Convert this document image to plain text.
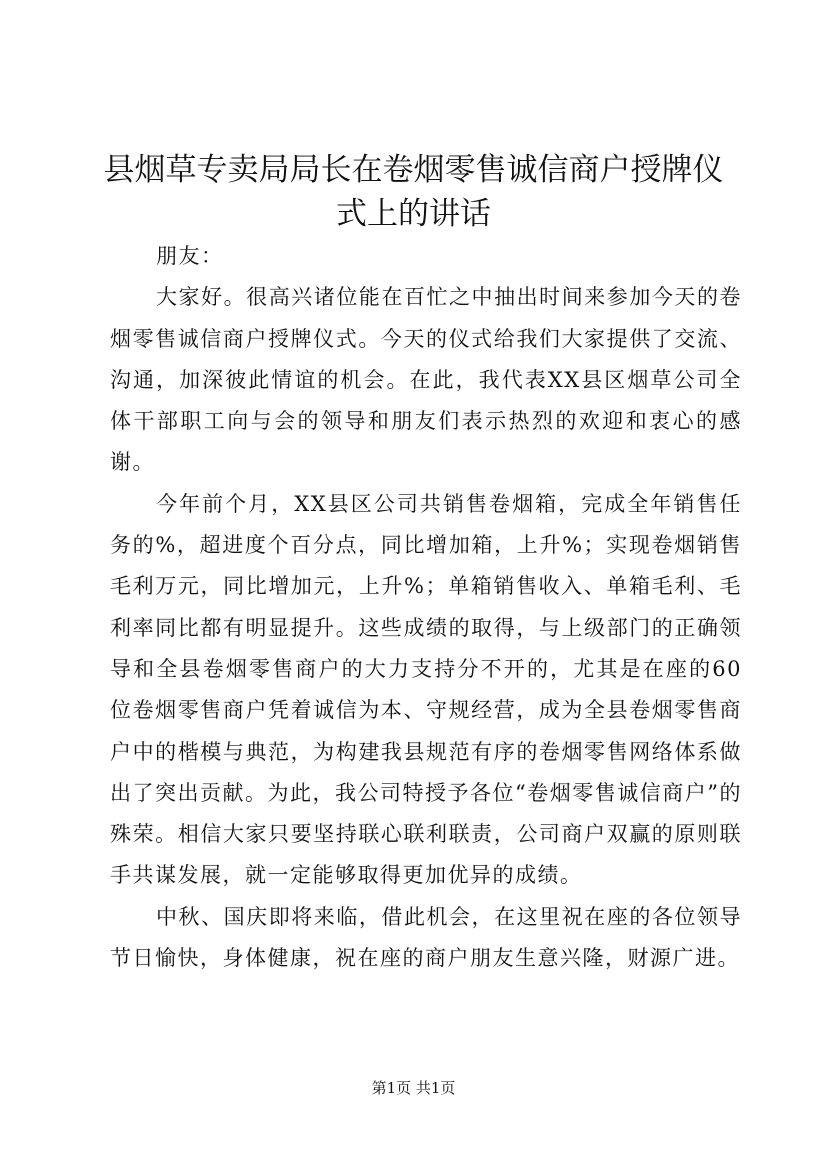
县烟草专卖局局长在卷烟零售诚信商户授牌仪式上的讲话

朋友：

大家好。很高兴诸位能在百忙之中抽出时间来参加今天的卷烟零售诚信商户授牌仪式。今天的仪式给我们大家提供了交流、沟通，加深彼此情谊的机会。在此，我代表XX县区烟草公司全体干部职工向与会的领导和朋友们表示热烈的欢迎和衷心的感谢。

今年前个月，XX县区公司共销售卷烟箱，完成全年销售任务的%，超进度个百分点，同比增加箱，上升%；实现卷烟销售毛利万元，同比增加元，上升%；单箱销售收入、单箱毛利、毛利率同比都有明显提升。这些成绩的取得，与上级部门的正确领导和全县卷烟零售商户的大力支持分不开的，尤其是在座的60位卷烟零售商户凭着诚信为本、守规经营，成为全县卷烟零售商户中的楷模与典范，为构建我县规范有序的卷烟零售网络体系做出了突出贡献。为此，我公司特授予各位“卷烟零售诚信商户”的殊荣。相信大家只要坚持联心联利联责，公司商户双赢的原则联手共谋发展，就一定能够取得更加优异的成绩。

中秋、国庆即将来临，借此机会，在这里祝在座的各位领导节日愉快，身体健康，祝在座的商户朋友生意兴隆，财源广进。

第1页 共1页
